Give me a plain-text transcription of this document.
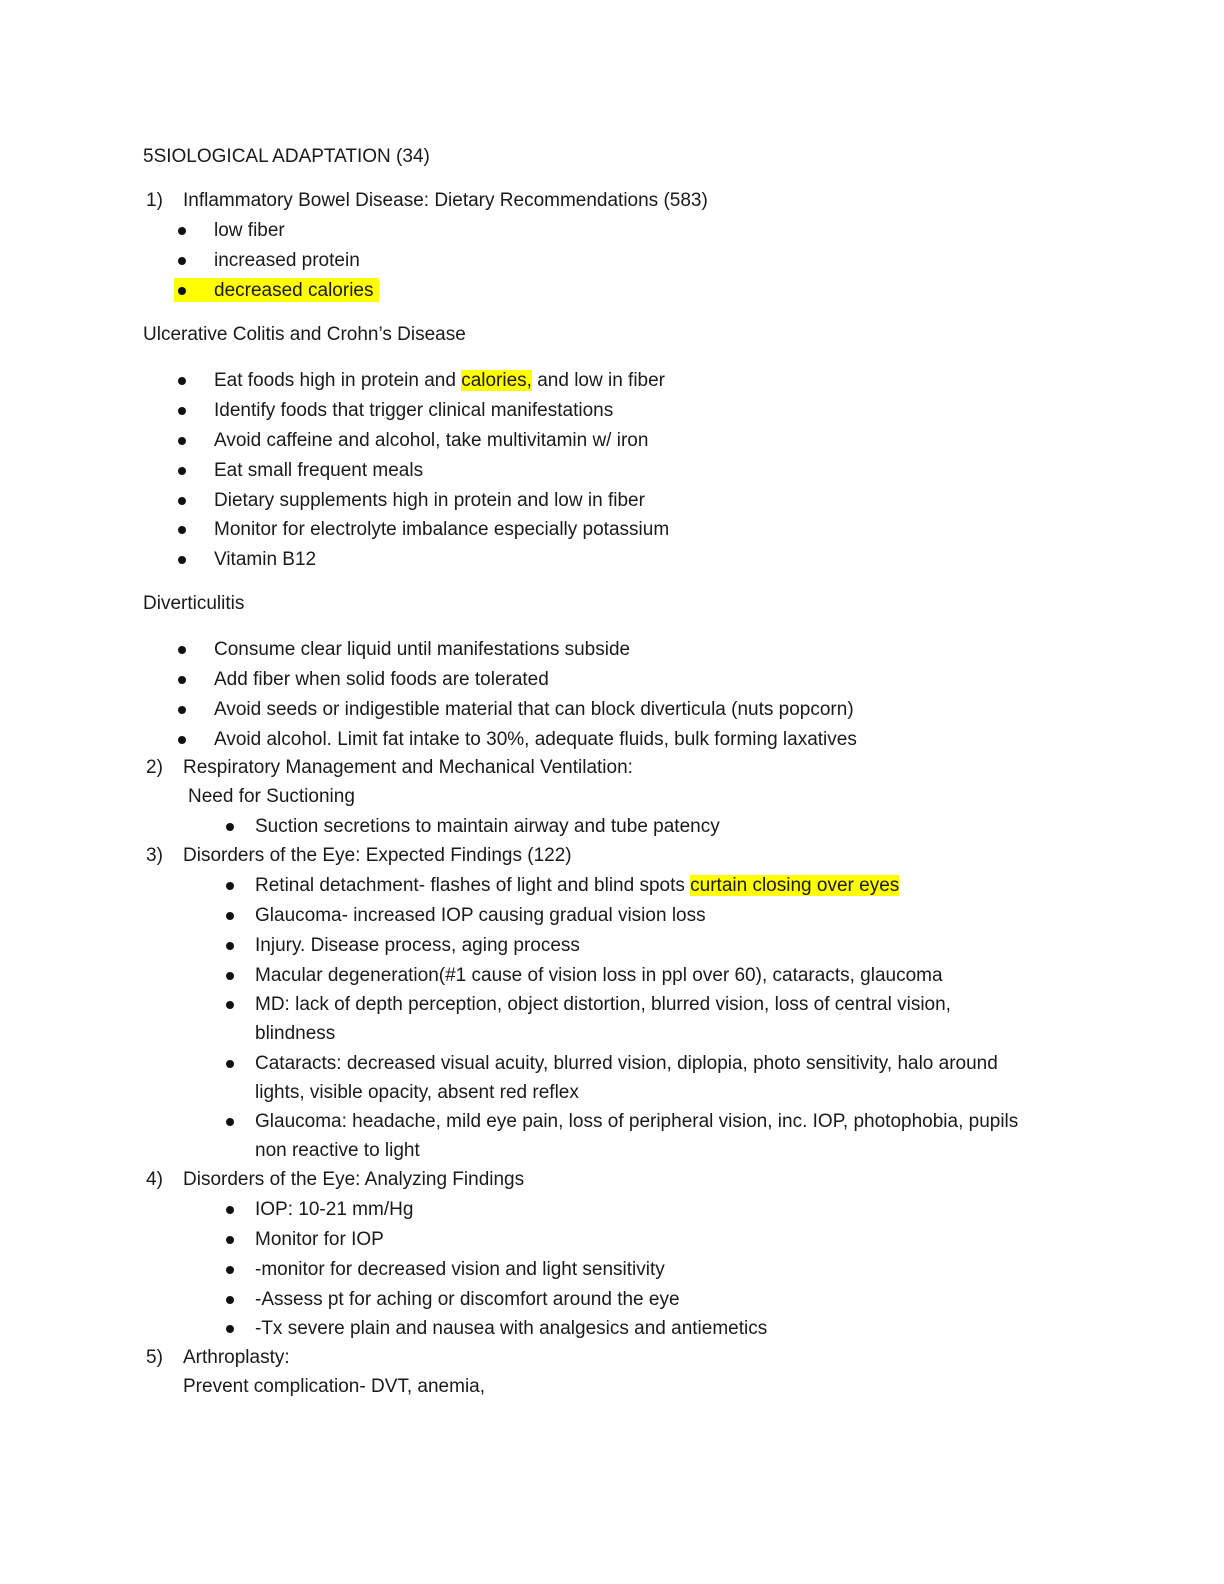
5SIOLOGICAL ADAPTATION (34)
1) Inflammatory Bowel Disease: Dietary Recommendations (583)
low fiber
increased protein
decreased calories
Ulcerative Colitis and Crohn’s Disease
Eat foods high in protein and calories, and low in fiber
Identify foods that trigger clinical manifestations
Avoid caffeine and alcohol, take multivitamin w/ iron
Eat small frequent meals
Dietary supplements high in protein and low in fiber
Monitor for electrolyte imbalance especially potassium
Vitamin B12
Diverticulitis
Consume clear liquid until manifestations subside
Add fiber when solid foods are tolerated
Avoid seeds or indigestible material that can block diverticula (nuts popcorn)
Avoid alcohol. Limit fat intake to 30%, adequate fluids, bulk forming laxatives
2) Respiratory Management and Mechanical Ventilation:
Need for Suctioning
Suction secretions to maintain airway and tube patency
3) Disorders of the Eye: Expected Findings (122)
Retinal detachment- flashes of light and blind spots curtain closing over eyes
Glaucoma- increased IOP causing gradual vision loss
Injury. Disease process, aging process
Macular degeneration(#1 cause of vision loss in ppl over 60), cataracts, glaucoma
MD: lack of depth perception, object distortion, blurred vision, loss of central vision,
blindness
Cataracts: decreased visual acuity, blurred vision, diplopia, photo sensitivity, halo around
lights, visible opacity, absent red reflex
Glaucoma: headache, mild eye pain, loss of peripheral vision, inc. IOP, photophobia, pupils
non reactive to light
4) Disorders of the Eye: Analyzing Findings
IOP: 10-21 mm/Hg
Monitor for IOP
-monitor for decreased vision and light sensitivity
-Assess pt for aching or discomfort around the eye
-Tx severe plain and nausea with analgesics and antiemetics
5) Arthroplasty:
Prevent complication- DVT, anemia,
